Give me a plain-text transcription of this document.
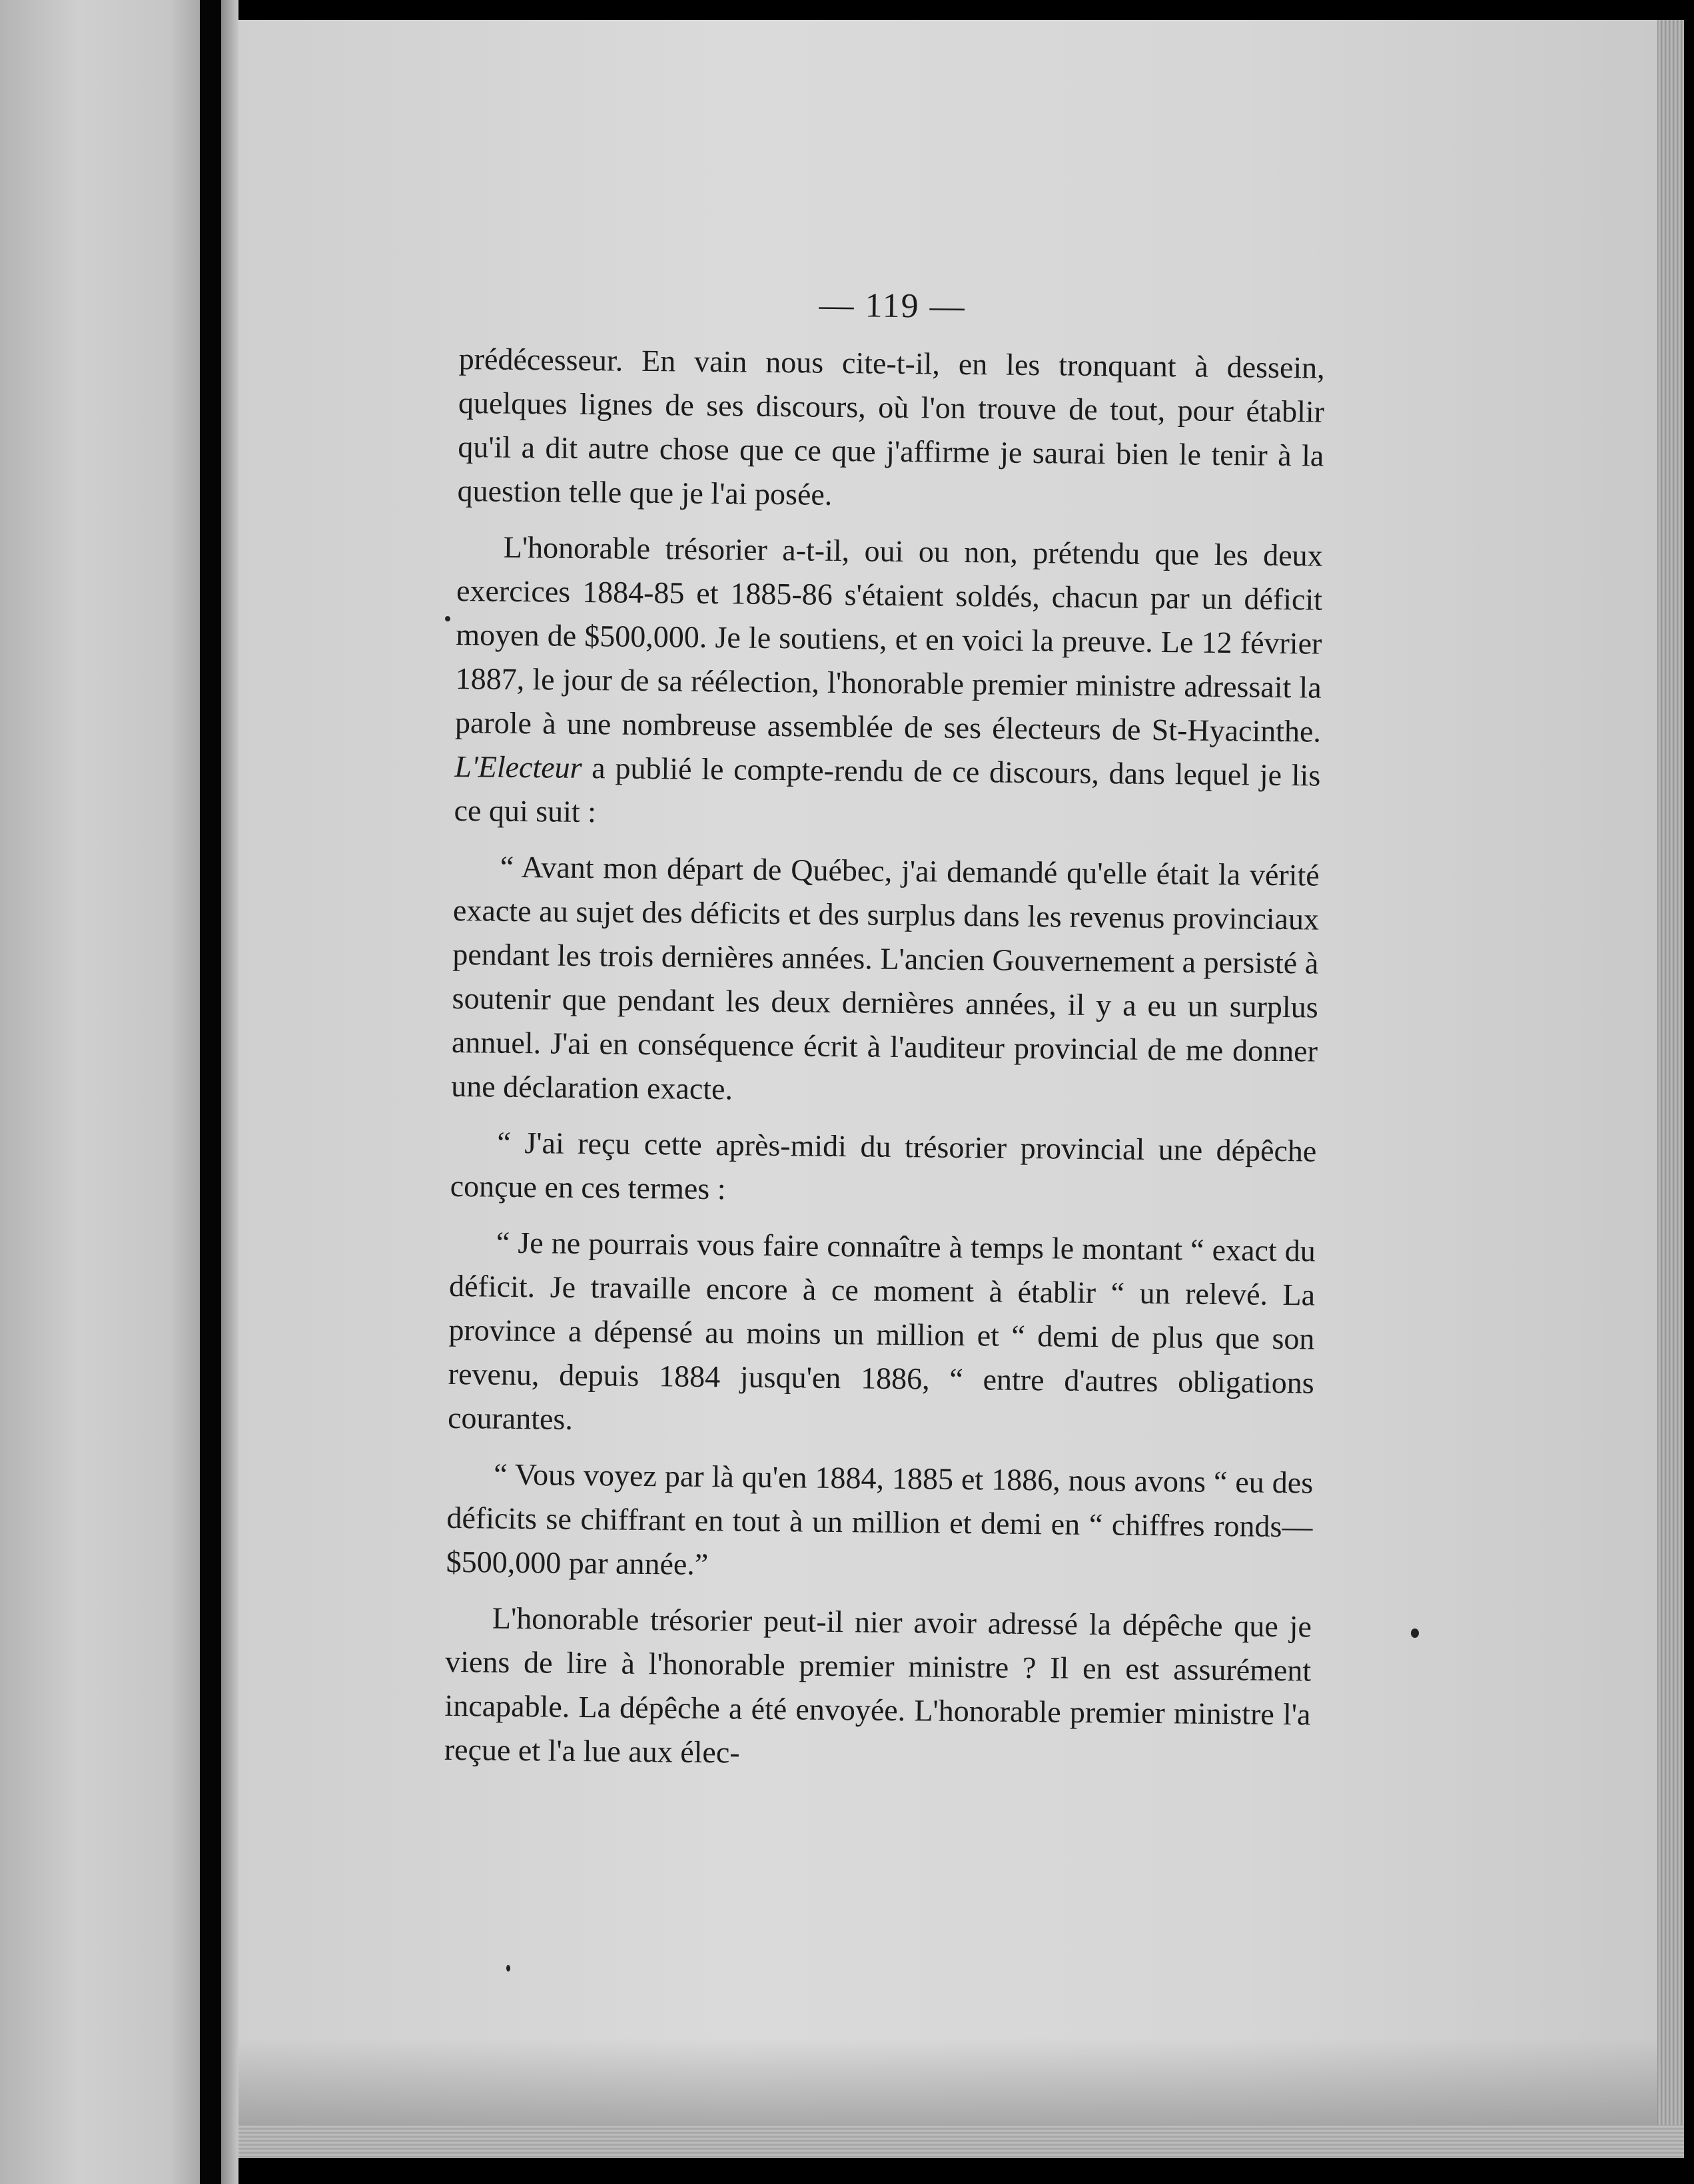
— 119 —

prédécesseur. En vain nous cite-t-il, en les tronquant à dessein, quelques lignes de ses discours, où l'on trouve de tout, pour établir qu'il a dit autre chose que ce que j'affirme je saurai bien le tenir à la question telle que je l'ai posée.

L'honorable trésorier a-t-il, oui ou non, prétendu que les deux exercices 1884-85 et 1885-86 s'étaient soldés, chacun par un déficit moyen de $500,000. Je le soutiens, et en voici la preuve. Le 12 février 1887, le jour de sa réélection, l'honorable premier ministre adressait la parole à une nombreuse assemblée de ses électeurs de St-Hyacinthe. L'Electeur a publié le compte-rendu de ce discours, dans lequel je lis ce qui suit :

“ Avant mon départ de Québec, j'ai demandé qu'elle était la vérité exacte au sujet des déficits et des surplus dans les revenus provinciaux pendant les trois dernières années. L'ancien Gouvernement a persisté à soutenir que pendant les deux dernières années, il y a eu un surplus annuel. J'ai en conséquence écrit à l'auditeur provincial de me donner une déclaration exacte.

“ J'ai reçu cette après-midi du trésorier provincial une dépêche conçue en ces termes :

“ Je ne pourrais vous faire connaître à temps le montant “ exact du déficit. Je travaille encore à ce moment à établir “ un relevé. La province a dépensé au moins un million et “ demi de plus que son revenu, depuis 1884 jusqu'en 1886, “ entre d'autres obligations courantes.

“ Vous voyez par là qu'en 1884, 1885 et 1886, nous avons “ eu des déficits se chiffrant en tout à un million et demi en “ chiffres ronds—$500,000 par année.”

L'honorable trésorier peut-il nier avoir adressé la dépêche que je viens de lire à l'honorable premier ministre ? Il en est assurément incapable. La dépêche a été envoyée. L'honorable premier ministre l'a reçue et l'a lue aux élec-
